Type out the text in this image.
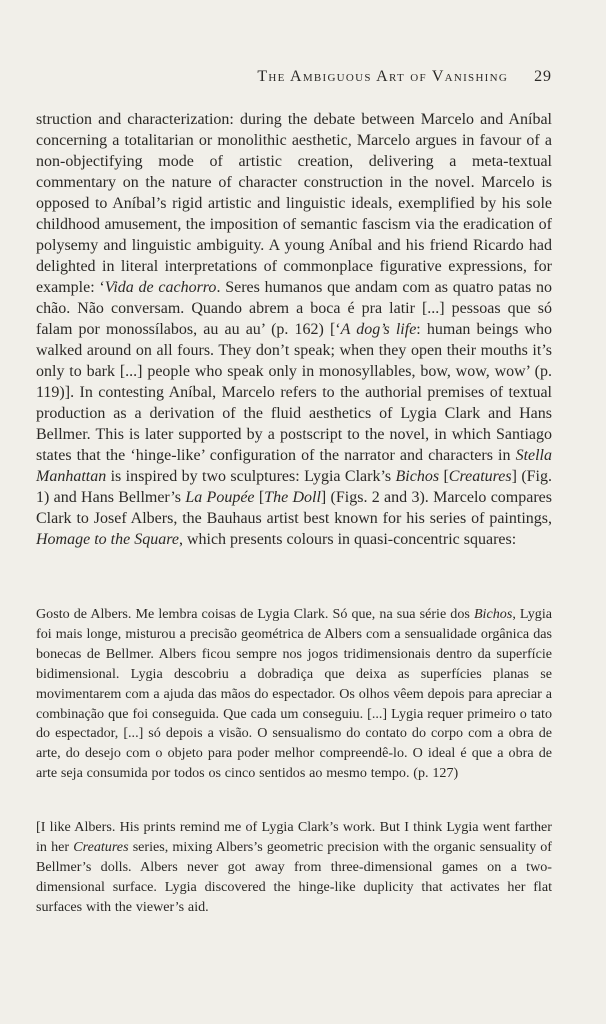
The Ambiguous Art of Vanishing 29

struction and characterization: during the debate between Marcelo and Aníbal concerning a totalitarian or monolithic aesthetic, Marcelo argues in favour of a non-objectifying mode of artistic creation, delivering a meta-textual commentary on the nature of character construction in the novel. Marcelo is opposed to Aníbal’s rigid artistic and linguistic ideals, exemplified by his sole childhood amusement, the imposition of semantic fascism via the eradication of polysemy and linguistic ambiguity. A young Aníbal and his friend Ricardo had delighted in literal interpretations of commonplace figurative expressions, for example: ‘Vida de cachorro. Seres humanos que andam com as quatro patas no chão. Não conversam. Quando abrem a boca é pra latir [...] pessoas que só falam por monossílabos, au au au’ (p. 162) [‘A dog’s life: human beings who walked around on all fours. They don’t speak; when they open their mouths it’s only to bark [...] people who speak only in monosyllables, bow, wow, wow’ (p. 119)]. In contesting Aníbal, Marcelo refers to the authorial premises of textual production as a derivation of the fluid aesthetics of Lygia Clark and Hans Bellmer. This is later supported by a postscript to the novel, in which Santiago states that the ‘hinge-like’ configuration of the narrator and characters in Stella Manhattan is inspired by two sculptures: Lygia Clark’s Bichos [Creatures] (Fig. 1) and Hans Bellmer’s La Poupée [The Doll] (Figs. 2 and 3). Marcelo compares Clark to Josef Albers, the Bauhaus artist best known for his series of paintings, Homage to the Square, which presents colours in quasi-concentric squares:

Gosto de Albers. Me lembra coisas de Lygia Clark. Só que, na sua série dos Bichos, Lygia foi mais longe, misturou a precisão geométrica de Albers com a sensualidade orgânica das bonecas de Bellmer. Albers ficou sempre nos jogos tridimensionais dentro da superfície bidimensional. Lygia descobriu a dobradiça que deixa as superfícies planas se movimentarem com a ajuda das mãos do espectador. Os olhos vêem depois para apreciar a combinação que foi conseguida. Que cada um conseguiu. [...] Lygia requer primeiro o tato do espectador, [...] só depois a visão. O sensualismo do contato do corpo com a obra de arte, do desejo com o objeto para poder melhor compreendê-lo. O ideal é que a obra de arte seja consumida por todos os cinco sentidos ao mesmo tempo. (p. 127)

[I like Albers. His prints remind me of Lygia Clark’s work. But I think Lygia went farther in her Creatures series, mixing Albers’s geometric precision with the organic sensuality of Bellmer’s dolls. Albers never got away from three-dimensional games on a two-dimensional surface. Lygia discovered the hinge-like duplicity that activates her flat surfaces with the viewer’s aid.
